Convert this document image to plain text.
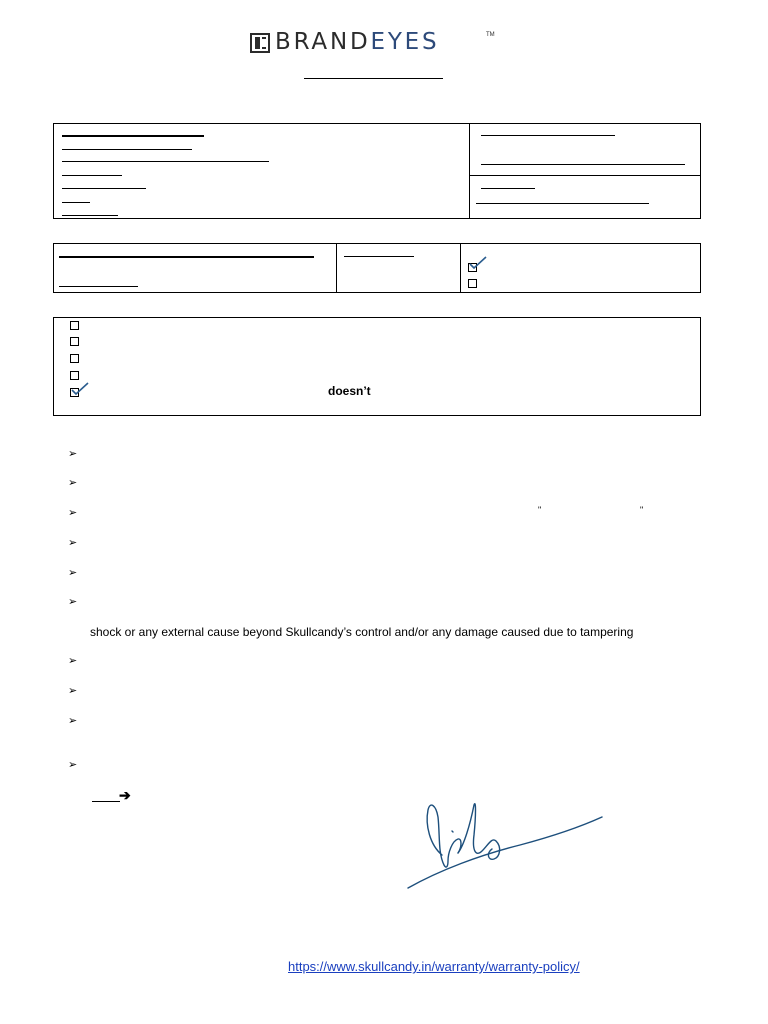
BRANDEYES	TM
doesn’t
➢
➢
➢	"	"
➢
➢
➢
shock or any external cause beyond Skullcandy’s control and/or any damage caused due to tampering
➢
➢
➢
➢
➔
https://www.skullcandy.in/warranty/warranty-policy/
